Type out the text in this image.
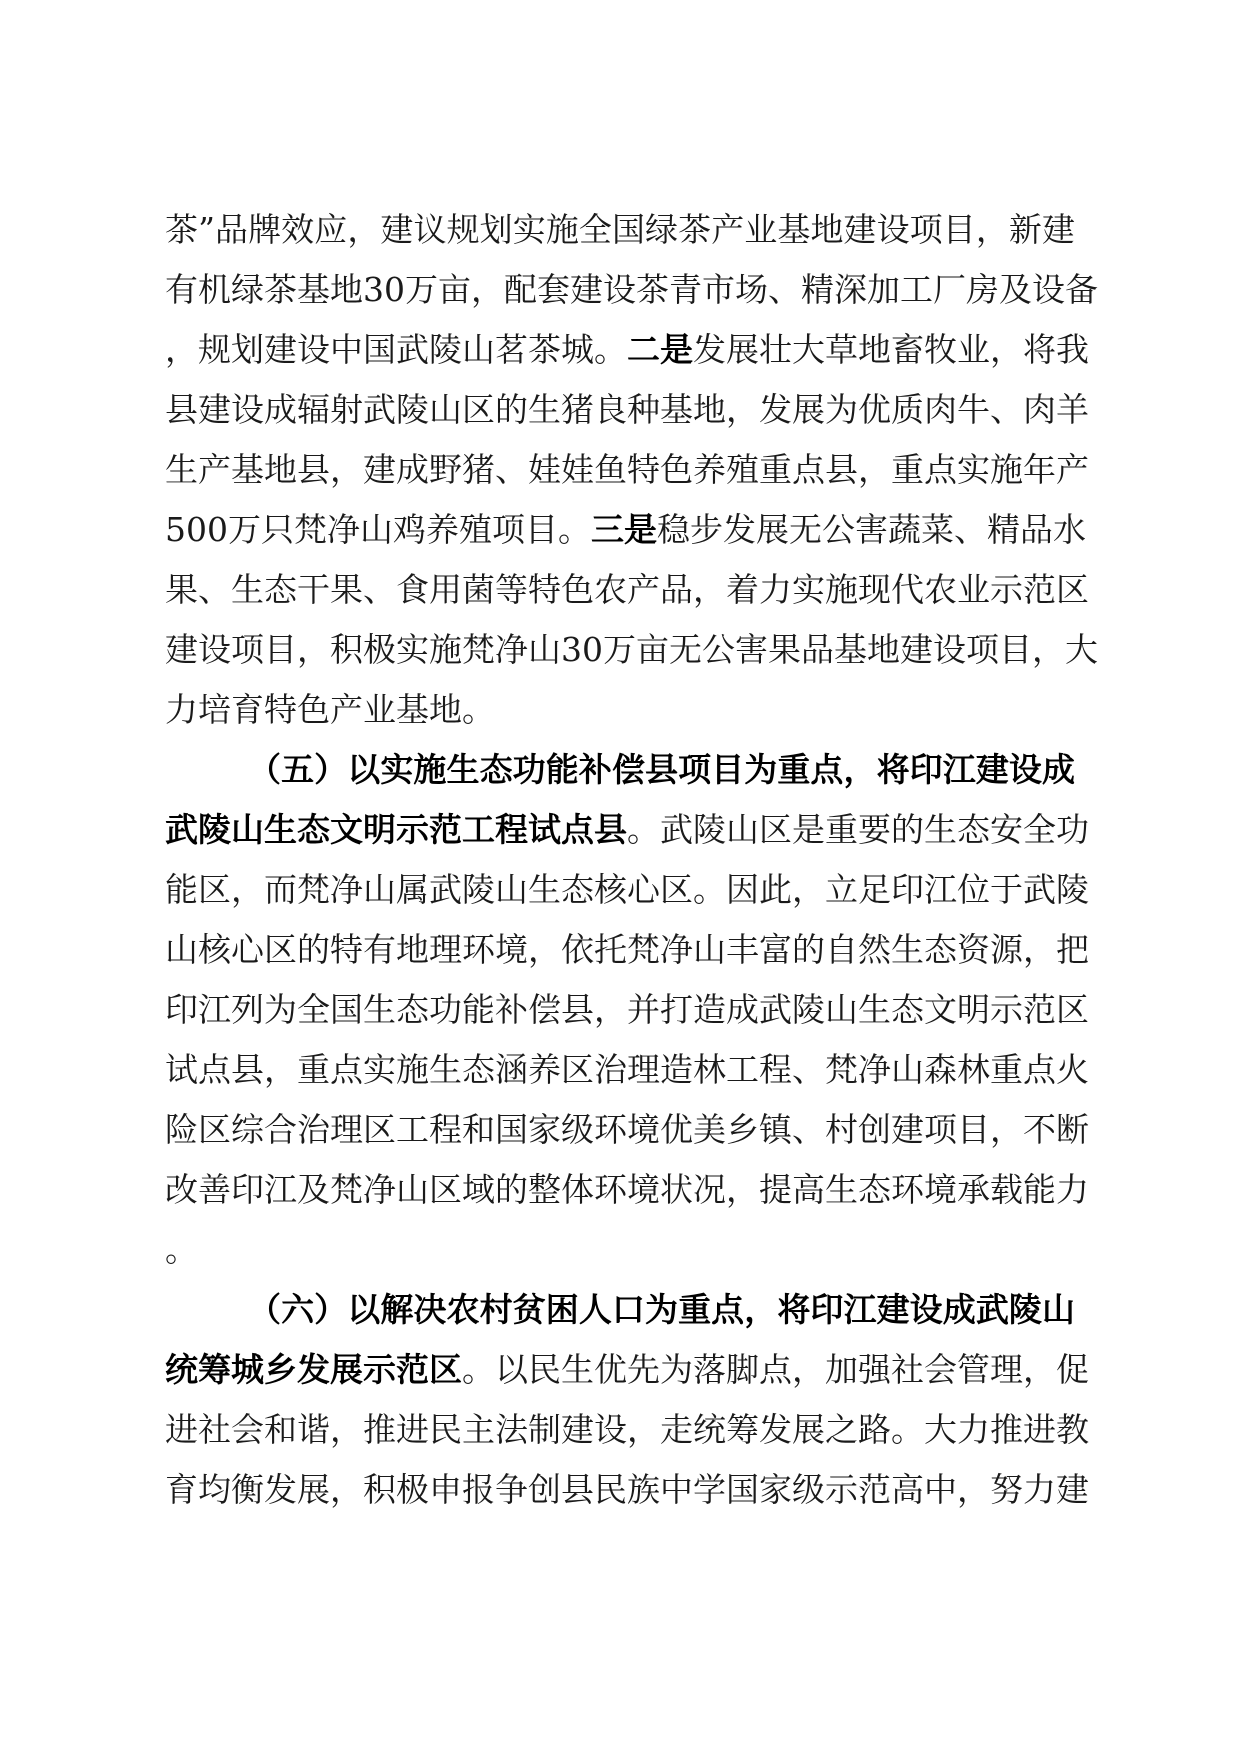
茶”品牌效应，建议规划实施全国绿茶产业基地建设项目，新建
有机绿茶基地30万亩，配套建设茶青市场、精深加工厂房及设备
，规划建设中国武陵山茗茶城。二是发展壮大草地畜牧业，将我
县建设成辐射武陵山区的生猪良种基地，发展为优质肉牛、肉羊
生产基地县，建成野猪、娃娃鱼特色养殖重点县，重点实施年产
500万只梵净山鸡养殖项目。三是稳步发展无公害蔬菜、精品水
果、生态干果、食用菌等特色农产品，着力实施现代农业示范区
建设项目，积极实施梵净山30万亩无公害果品基地建设项目，大
力培育特色产业基地。
（五）以实施生态功能补偿县项目为重点，将印江建设成
武陵山生态文明示范工程试点县。武陵山区是重要的生态安全功
能区，而梵净山属武陵山生态核心区。因此，立足印江位于武陵
山核心区的特有地理环境，依托梵净山丰富的自然生态资源，把
印江列为全国生态功能补偿县，并打造成武陵山生态文明示范区
试点县，重点实施生态涵养区治理造林工程、梵净山森林重点火
险区综合治理区工程和国家级环境优美乡镇、村创建项目，不断
改善印江及梵净山区域的整体环境状况，提高生态环境承载能力
。
（六）以解决农村贫困人口为重点，将印江建设成武陵山
统筹城乡发展示范区。以民生优先为落脚点，加强社会管理，促
进社会和谐，推进民主法制建设，走统筹发展之路。大力推进教
育均衡发展，积极申报争创县民族中学国家级示范高中，努力建
